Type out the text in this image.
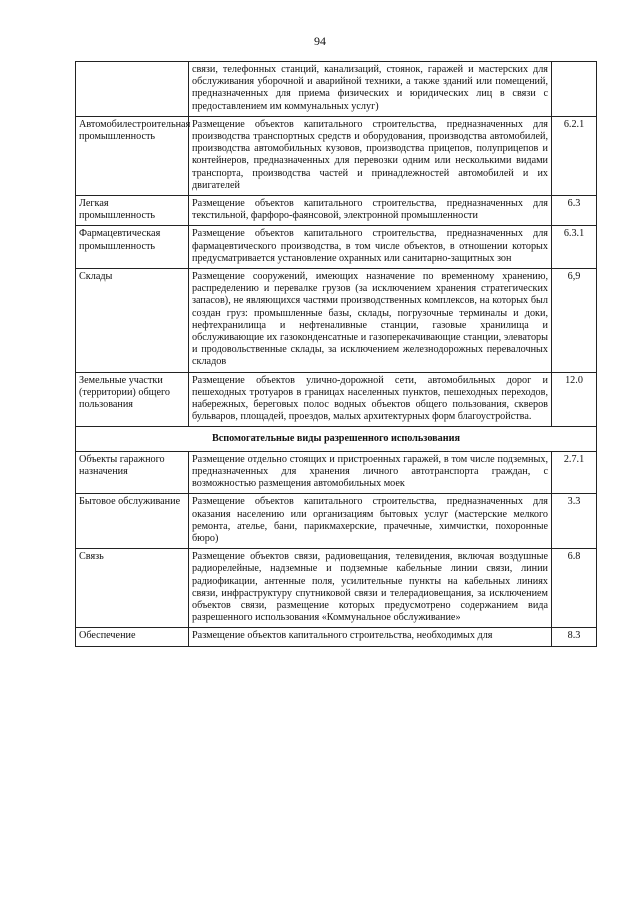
94
	связи, телефонных станций, канализаций, стоянок, гаражей и мастерских для обслуживания уборочной и аварийной техники, а также зданий или помещений, предназначенных для приема физических и юридических лиц в связи с предоставлением им коммунальных услуг)	
Автомобилестроительная промышленность	Размещение объектов капитального строительства, предназначенных для производства транспортных средств и оборудования, производства автомобилей, производства автомобильных кузовов, производства прицепов, полуприцепов и контейнеров, предназначенных для перевозки одним или несколькими видами транспорта, производства частей и принадлежностей автомобилей и их двигателей	6.2.1
Легкая промышленность	Размещение объектов капитального строительства, предназначенных для текстильной, фарфоро-фаянсовой, электронной промышленности	6.3
Фармацевтическая промышленность	Размещение объектов капитального строительства, предназначенных для фармацевтического производства, в том числе объектов, в отношении которых предусматривается установление охранных или санитарно-защитных зон	6.3.1
Склады	Размещение сооружений, имеющих назначение по временному хранению, распределению и перевалке грузов (за исключением хранения стратегических запасов), не являющихся частями производственных комплексов, на которых был создан груз: промышленные базы, склады, погрузочные терминалы и доки, нефтехранилища и нефтеналивные станции, газовые хранилища и обслуживающие их газоконденсатные и газоперекачивающие станции, элеваторы и продовольственные склады, за исключением железнодорожных перевалочных складов	6,9
Земельные участки (территории) общего пользования	Размещение объектов улично-дорожной сети, автомобильных дорог и пешеходных тротуаров в границах населенных пунктов, пешеходных переходов, набережных, береговых полос водных объектов общего пользования, скверов бульваров, площадей, проездов, малых архитектурных форм благоустройства.	12.0
Вспомогательные виды разрешенного использования		
Объекты гаражного назначения	Размещение отдельно стоящих и пристроенных гаражей, в том числе подземных, предназначенных для хранения личного автотранспорта граждан, с возможностью размещения автомобильных моек	2.7.1
Бытовое обслуживание	Размещение объектов капитального строительства, предназначенных для оказания населению или организациям бытовых услуг (мастерские мелкого ремонта, ателье, бани, парикмахерские, прачечные, химчистки, похоронные бюро)	3.3
Связь	Размещение объектов связи, радиовещания, телевидения, включая воздушные радиорелейные, надземные и подземные кабельные линии связи, линии радиофикации, антенные поля, усилительные пункты на кабельных линиях связи, инфраструктуру спутниковой связи и телерадиовещания, за исключением объектов связи, размещение которых предусмотрено содержанием вида разрешенного использования «Коммунальное обслуживание»	6.8
Обеспечение	Размещение объектов капитального строительства, необходимых для	8.3
